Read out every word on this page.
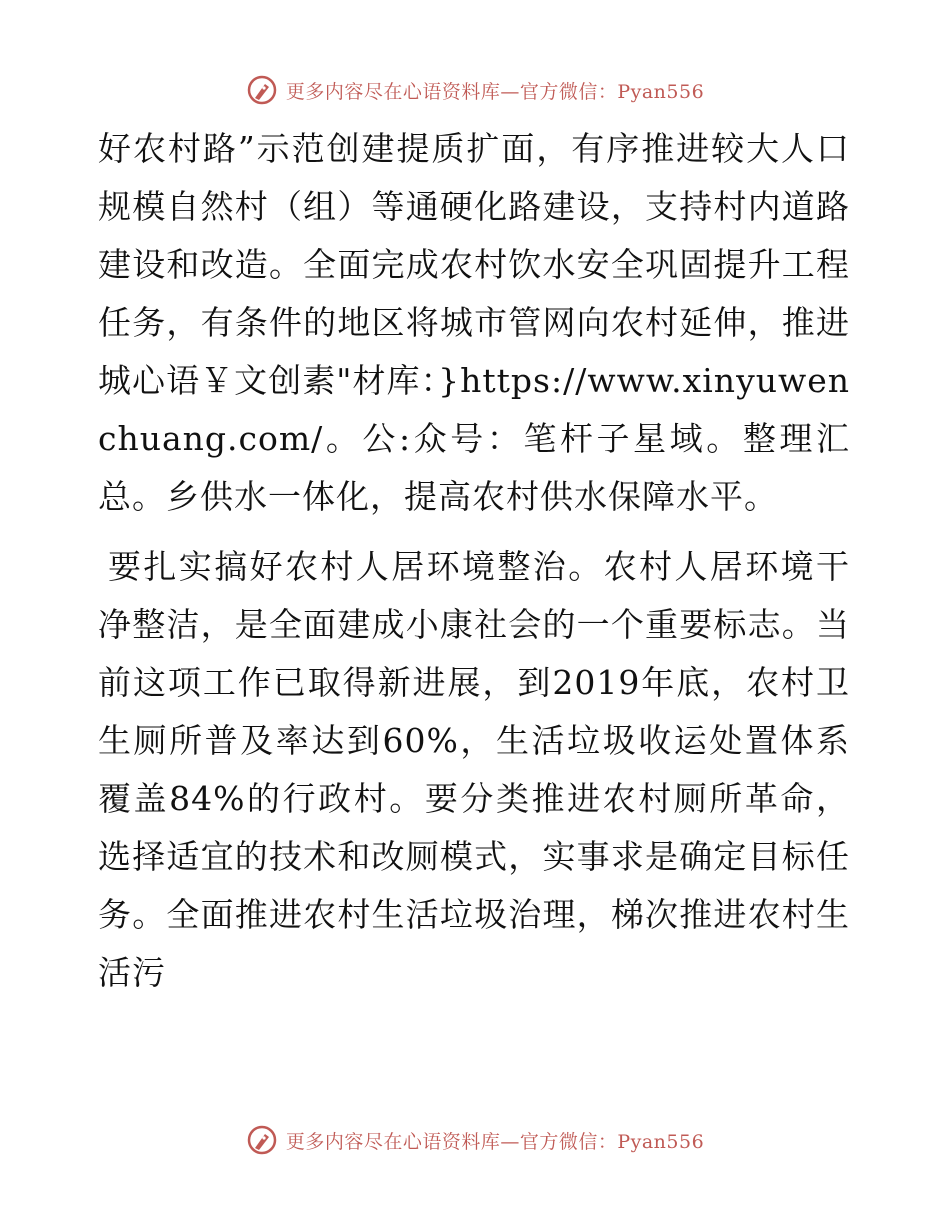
更多内容尽在心语资料库—官方微信：Pyan556

好农村路”示范创建提质扩面，有序推进较大人口规模自然村（组）等通硬化路建设，支持村内道路建设和改造。全面完成农村饮水安全巩固提升工程任务，有条件的地区将城市管网向农村延伸，推进城心语￥文创素"材库：}https://www.xinyuwenchuang.com/。公:众号：笔杆子星域。整理汇总。乡供水一体化，提高农村供水保障水平。

要扎实搞好农村人居环境整治。农村人居环境干净整洁，是全面建成小康社会的一个重要标志。当前这项工作已取得新进展，到2019年底，农村卫生厕所普及率达到60%，生活垃圾收运处置体系覆盖84%的行政村。要分类推进农村厕所革命，选择适宜的技术和改厕模式，实事求是确定目标任务。全面推进农村生活垃圾治理，梯次推进农村生活污

更多内容尽在心语资料库—官方微信：Pyan556
